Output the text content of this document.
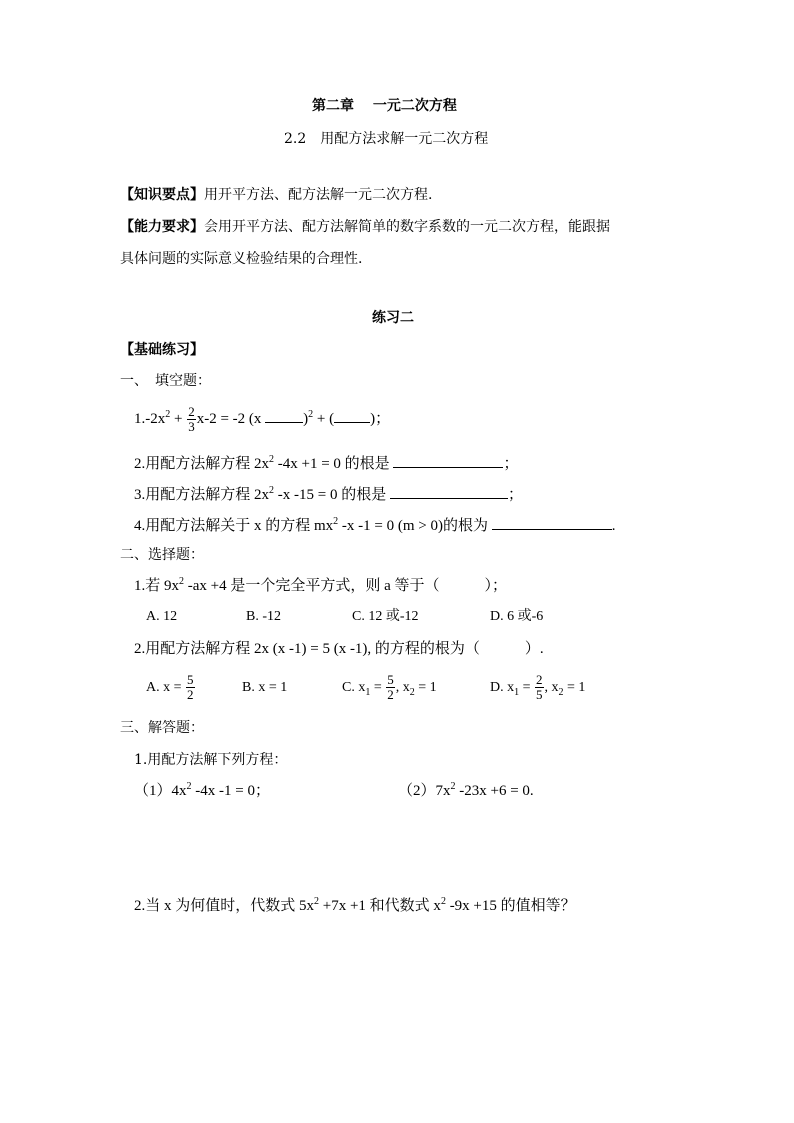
第二章　 一元二次方程
2.2　用配方法求解一元二次方程
【知识要点】用开平方法、配方法解一元二次方程.
【能力要求】会用开平方法、配方法解简单的数字系数的一元二次方程，能跟据
具体问题的实际意义检验结果的合理性.
练习二
【基础练习】
一、　填空题：
$1.-2x^2 + \frac{2}{3} x-2 = -2$ (x	)$^2$ + ( )；
2.用配方法解方程 $2x^2$ -4x +1 = 0 的根是	；
3.用配方法解方程 $2x^2$ -x -15 = 0 的根是	；
4.用配方法解关于 x 的方程 $mx^2$ -x -1 = 0 (m > 0)的根为	.
二、选择题：
1.若 $9x^2$ -ax +4 是一个完全平方式，则 a 等于（　　　）；
A. 12	B. -12	C. 12 或-12	D. 6 或-6
2.用配方法解方程 2x (x -1) = 5 (x -1), 的方程的根为（　　　）.
A. $x = \frac{5}{2}$	B. x = 1	C. $x_1 = \frac{5}{2}$ , $x_2 = 1$	D. $x_1 = \frac{2}{5}$ , $x_2 = 1$
三、解答题：
1.用配方法解下列方程：
$(1)4x^2$ -4x -1 = 0；	$(2)7x^2$ -23x +6 = 0.
2.当 x 为何值时，代数式 $5x^2 +7x +1$ 和代数式 $x^2$ -9x +15 的值相等？
